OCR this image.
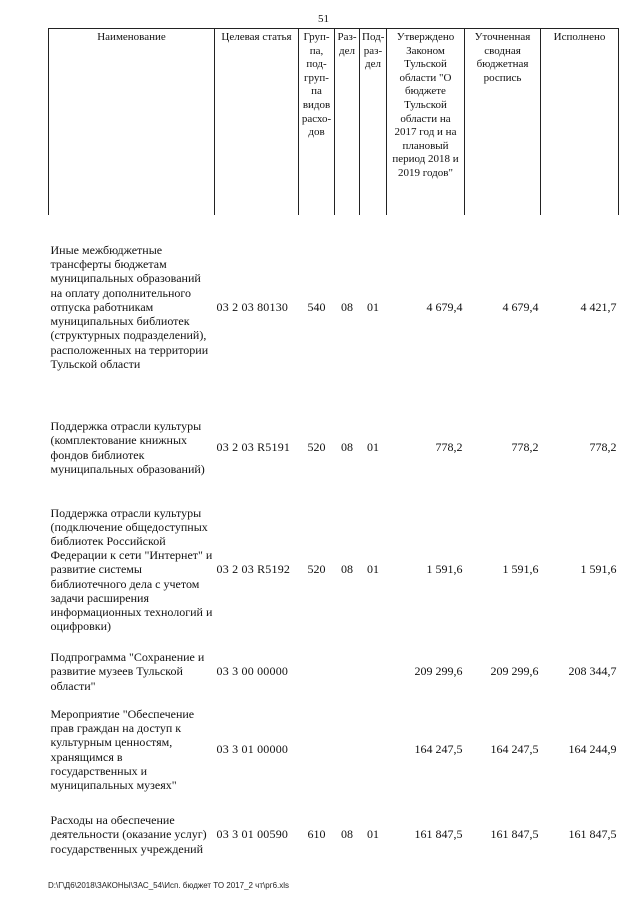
51
Наименование	Целевая статья	Груп-па, под-груп-па видов расхо-дов	Раз-дел	Под-раз-дел	Утверждено Законом Тульской области "О бюджете Тульской области на 2017 год и на плановый период 2018 и 2019 годов"	Уточненная сводная бюджетная роспись	Исполнено
Иные межбюджетные трансферты бюджетам муниципальных образований на оплату дополнительного отпуска работникам муниципальных библиотек (структурных подразделений), расположенных на территории Тульской области	03 2 03 80130	540	08	01	4 679,4	4 679,4	4 421,7
Поддержка отрасли культуры (комплектование книжных фондов библиотек муниципальных образований)	03 2 03 R5191	520	08	01	778,2	778,2	778,2
Поддержка отрасли культуры (подключение общедоступных библиотек Российской Федерации к сети "Интернет" и развитие системы библиотечного дела с учетом задачи расширения информационных технологий и оцифровки)	03 2 03 R5192	520	08	01	1 591,6	1 591,6	1 591,6
Подпрограмма "Сохранение и развитие музеев Тульской области"	03 3 00 00000				209 299,6	209 299,6	208 344,7
Мероприятие "Обеспечение прав граждан на доступ к культурным ценностям, хранящимся в государственных и муниципальных музеях"	03 3 01 00000				164 247,5	164 247,5	164 244,9
Расходы на обеспечение деятельности (оказание услуг) государственных учреждений	03 3 01 00590	610	08	01	161 847,5	161 847,5	161 847,5
D:\Г\Д6\2018\ЗАКОНЫ\ЗАС_54\Исп. бюджет ТО 2017_2 чт\рг6.xls
